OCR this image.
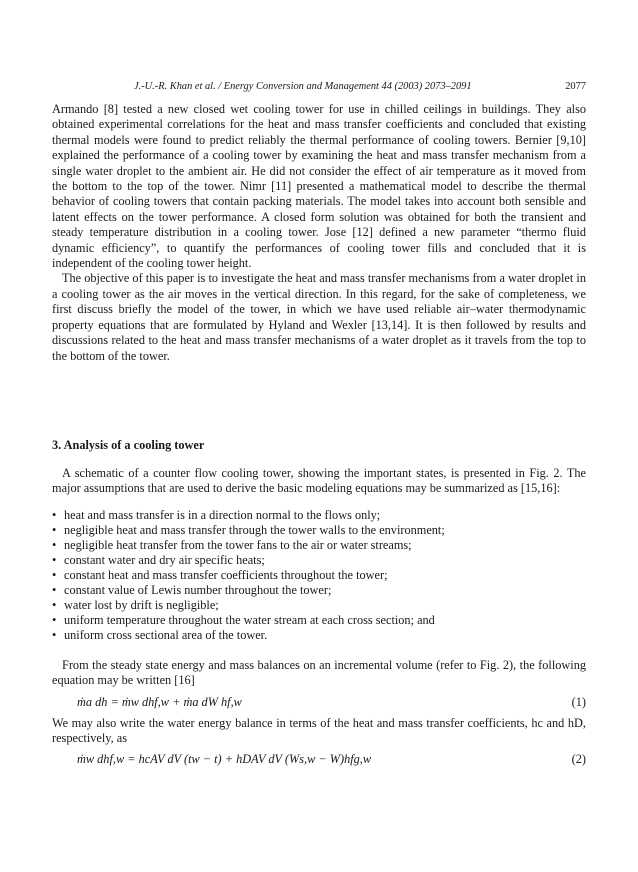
J.-U.-R. Khan et al. / Energy Conversion and Management 44 (2003) 2073–2091	2077

Armando [8] tested a new closed wet cooling tower for use in chilled ceilings in buildings. They also obtained experimental correlations for the heat and mass transfer coefficients and concluded that existing thermal models were found to predict reliably the thermal performance of cooling towers. Bernier [9,10] explained the performance of a cooling tower by examining the heat and mass transfer mechanism from a single water droplet to the ambient air. He did not consider the effect of air temperature as it moved from the bottom to the top of the tower. Nimr [11] presented a mathematical model to describe the thermal behavior of cooling towers that contain packing materials. The model takes into account both sensible and latent effects on the tower performance. A closed form solution was obtained for both the transient and steady temperature distribution in a cooling tower. Jose [12] defined a new parameter “thermo fluid dynamic efficiency”, to quantify the performances of cooling tower fills and concluded that it is independent of the cooling tower height.

The objective of this paper is to investigate the heat and mass transfer mechanisms from a water droplet in a cooling tower as the air moves in the vertical direction. In this regard, for the sake of completeness, we first discuss briefly the model of the tower, in which we have used reliable air–water thermodynamic property equations that are formulated by Hyland and Wexler [13,14]. It is then followed by results and discussions related to the heat and mass transfer mechanisms of a water droplet as it travels from the top to the bottom of the tower.

3. Analysis of a cooling tower

A schematic of a counter flow cooling tower, showing the important states, is presented in Fig. 2. The major assumptions that are used to derive the basic modeling equations may be summarized as [15,16]:

• heat and mass transfer is in a direction normal to the flows only;
• negligible heat and mass transfer through the tower walls to the environment;
• negligible heat transfer from the tower fans to the air or water streams;
• constant water and dry air specific heats;
• constant heat and mass transfer coefficients throughout the tower;
• constant value of Lewis number throughout the tower;
• water lost by drift is negligible;
• uniform temperature throughout the water stream at each cross section; and
• uniform cross sectional area of the tower.

From the steady state energy and mass balances on an incremental volume (refer to Fig. 2), the following equation may be written [16]

ṁa dh = ṁw dhf,w + ṁa dW hf,w	(1)

We may also write the water energy balance in terms of the heat and mass transfer coefficients, hc and hD, respectively, as

ṁw dhf,w = hcAV dV (tw − t) + hDAV dV (Ws,w − W)hfg,w	(2)
